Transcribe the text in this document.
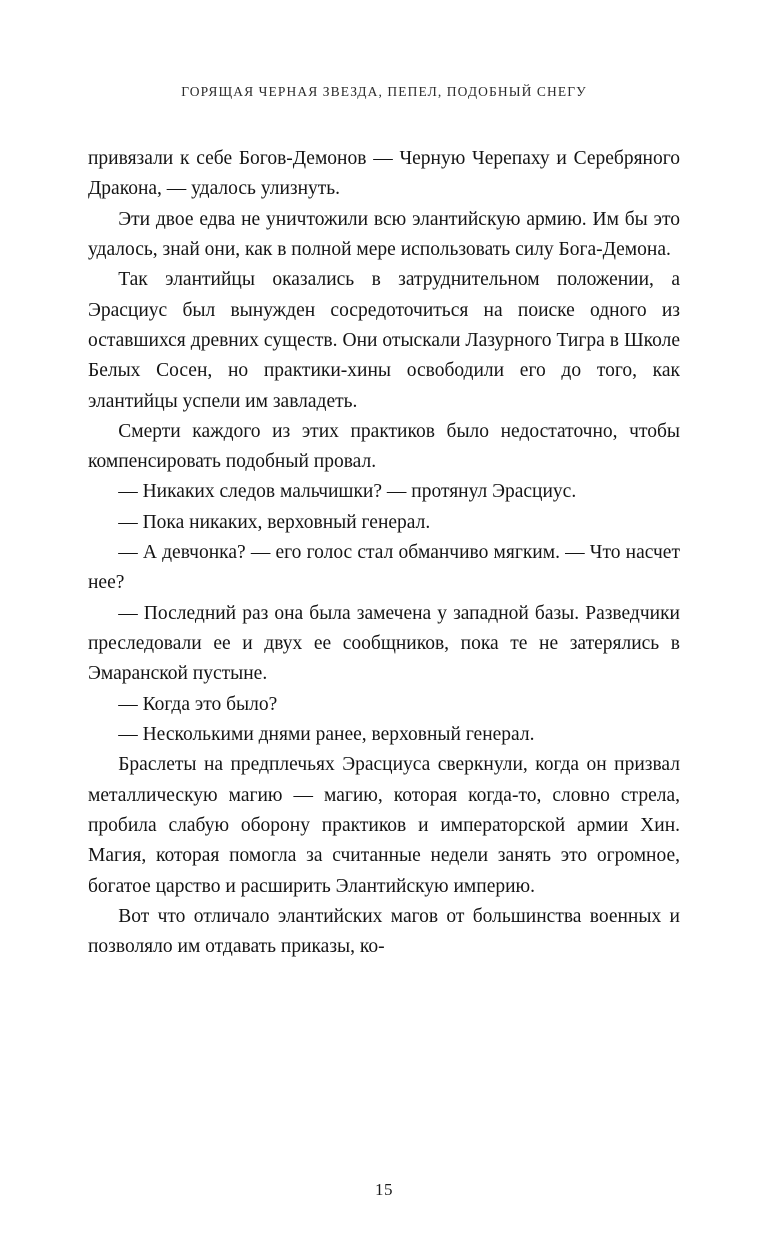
ГОРЯЩАЯ ЧЕРНАЯ ЗВЕЗДА, ПЕПЕЛ, ПОДОБНЫЙ СНЕГУ

привязали к себе Богов-Демонов — Черную Черепаху и Серебряного Дракона, — удалось улизнуть.

Эти двое едва не уничтожили всю элантийскую армию. Им бы это удалось, знай они, как в полной мере использовать силу Бога-Демона.

Так элантийцы оказались в затруднительном положении, а Эрасциус был вынужден сосредоточиться на поиске одного из оставшихся древних существ. Они отыскали Лазурного Тигра в Школе Белых Сосен, но практики-хины освободили его до того, как элантийцы успели им завладеть.

Смерти каждого из этих практиков было недостаточно, чтобы компенсировать подобный провал.

— Никаких следов мальчишки? — протянул Эрасциус.

— Пока никаких, верховный генерал.

— А девчонка? — его голос стал обманчиво мягким. — Что насчет нее?

— Последний раз она была замечена у западной базы. Разведчики преследовали ее и двух ее сообщников, пока те не затерялись в Эмаранской пустыне.

— Когда это было?

— Несколькими днями ранее, верховный генерал.

Браслеты на предплечьях Эрасциуса сверкнули, когда он призвал металлическую магию — магию, которая когда-то, словно стрела, пробила слабую оборону практиков и императорской армии Хин. Магия, которая помогла за считанные недели занять это огромное, богатое царство и расширить Элантийскую империю.

Вот что отличало элантийских магов от большинства военных и позволяло им отдавать приказы, ко-

15
